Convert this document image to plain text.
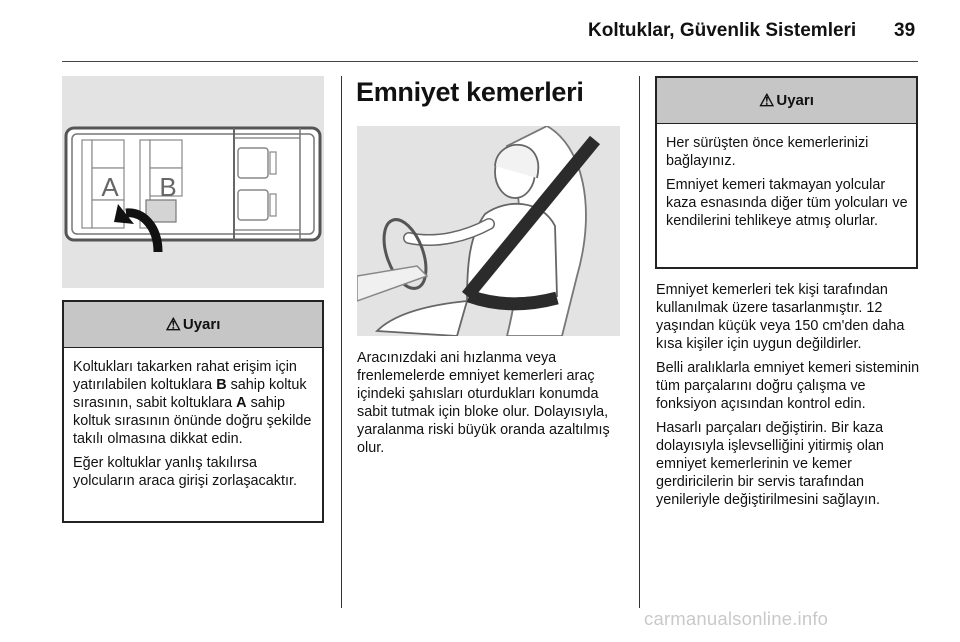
Koltuklar, Güvenlik Sistemleri 39
A B
⚠ Uyarı

Koltukları takarken rahat erişim için yatırılabilen koltuklara B sahip koltuk sırasının, sabit koltuklara A sahip koltuk sırasının önünde doğru şekilde takılı olmasına dikkat edin.

Eğer koltuklar yanlış takılırsa yolcuların araca girişi zorlaşacaktır.

Emniyet kemerleri

Aracınızdaki ani hızlanma veya frenlemelerde emniyet kemerleri araç içindeki şahısları oturdukları konumda sabit tutmak için bloke olur. Dolayısıyla, yaralanma riski büyük oranda azaltılmış olur.

⚠ Uyarı

Her sürüşten önce kemerlerinizi bağlayınız.

Emniyet kemeri takmayan yolcular kaza esnasında diğer tüm yolcuları ve kendilerini tehlikeye atmış olurlar.

Emniyet kemerleri tek kişi tarafından kullanılmak üzere tasarlanmıştır. 12 yaşından küçük veya 150 cm'den daha kısa kişiler için uygun değildirler.

Belli aralıklarla emniyet kemeri sisteminin tüm parçalarını doğru çalışma ve fonksiyon açısından kontrol edin.

Hasarlı parçaları değiştirin. Bir kaza dolayısıyla işlevselliğini yitirmiş olan emniyet kemerlerinin ve kemer gerdiricilerin bir servis tarafından yenileriyle değiştirilmesini sağlayın.

carmanualsonline.info
